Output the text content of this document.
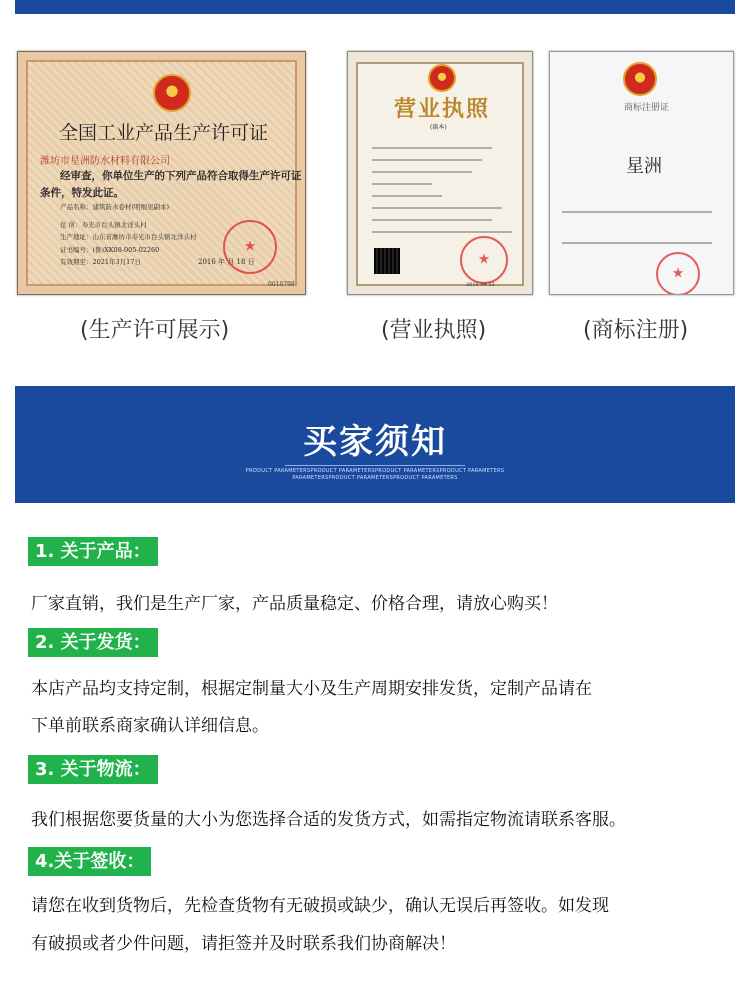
全国工业产品生产许可证
潍坊市星洲防水材料有限公司
经审查，你单位生产的下列产品符合取得生产许可证
条件，特发此证。
产品名称：建筑防水卷材(明细见副本)
住 所：寿光市台头镇北洋头村
生产地址：山东省潍坊市寿光市台头镇北洋头村
证书编号：(鲁)XK08-005-02260
有效期至：2021年3月17日	2016 年 月 18 日
★
0010798
营业执照
(副本)
★
2016 04 22
商标注册证
星洲
★
(生产许可展示)	(营业执照)	(商标注册)
买家须知
PRODUCT PARAMETERSPRODUCT PARAMETERSPRODUCT PARAMETERSPRODUCT PARAMETERS
PARAMETERSPRODUCT PARAMETERSPRODUCT PARAMETERS
1. 关于产品：
厂家直销，我们是生产厂家，产品质量稳定、价格合理，请放心购买！
2. 关于发货：
本店产品均支持定制，根据定制量大小及生产周期安排发货，定制产品请在
下单前联系商家确认详细信息。
3. 关于物流：
我们根据您要货量的大小为您选择合适的发货方式，如需指定物流请联系客服。
4.关于签收：
请您在收到货物后，先检查货物有无破损或缺少，确认无误后再签收。如发现
有破损或者少件问题，请拒签并及时联系我们协商解决！
